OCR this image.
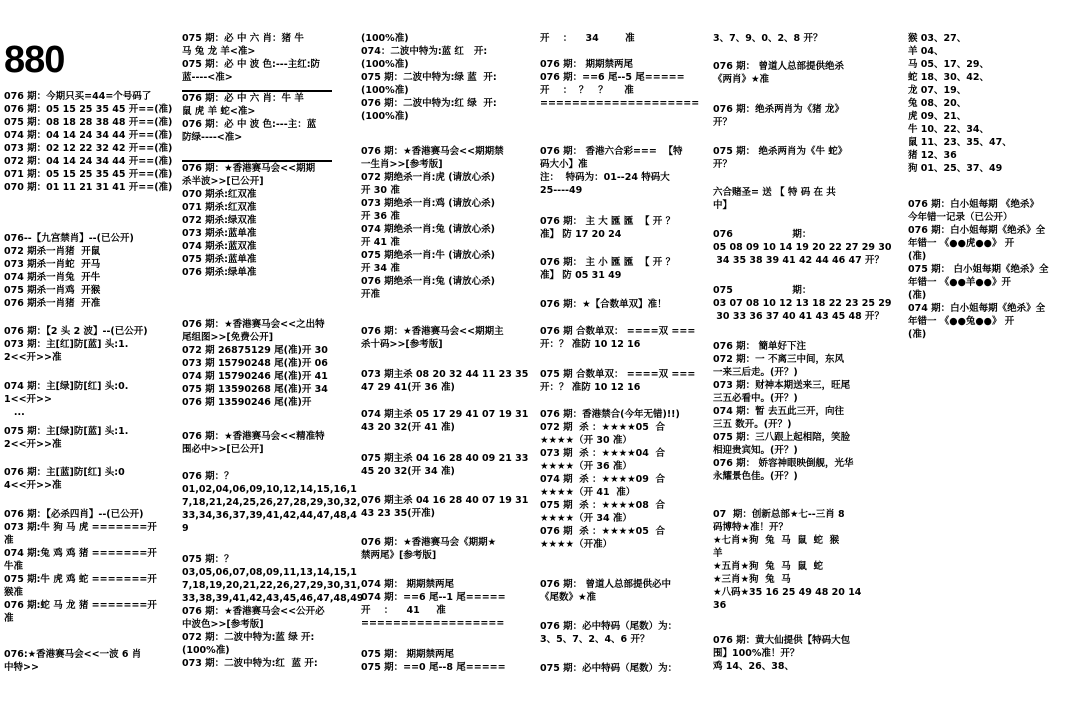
880
076 期：今期只买=44=个号码了
076 期：05 15 25 35 45 开==(准)
075 期：08 18 28 38 48 开==(准)
074 期：04 14 24 34 44 开==(准)
073 期：02 12 22 32 42 开==(准)
072 期：04 14 24 34 44 开==(准)
071 期：05 15 25 35 45 开==(准)
070 期：01 11 21 31 41 开==(准)
076--【九宫禁肖】--(已公开)
072 期杀一肖猪  开鼠
073 期杀一肖蛇  开马
074 期杀一肖兔  开牛
075 期杀一肖鸡  开猴
076 期杀一肖猪  开准
076 期：【2 头 2 波】--(已公开)
073 期：主[红]防[蓝] 头:1.
2<<开>>准
074 期：主[绿]防[红] 头:0.
1<<开>>
...
075 期：主[绿]防[蓝] 头:1.
2<<开>>准
076 期：主[蓝]防[红] 头:0
4<<开>>准
076 期：【必杀四肖】--(已公开)
073 期:牛 狗 马 虎 =======开
准
074 期:兔 鸡 鸡 猪 =======开
牛准
075 期:牛 虎 鸡 蛇 =======开
猴准
076 期:蛇 马 龙 猪 =======开
准
076:★香港赛马会<<一波 6 肖
中特>>
075 期：必 中 六 肖：猪 牛
马 兔 龙 羊<准>
075 期：必 中 波 色:---主红:防
蓝----<准>
076 期：必 中 六 肖：牛 羊
鼠 虎 羊 蛇<准>
076 期：必 中 波 色:---主：蓝
防绿----<准>
076 期：★香港赛马会<<期期
杀半波>>[已公开]
070 期杀:红双准
071 期杀:红双准
072 期杀:绿双准
073 期杀:蓝单准
074 期杀:蓝双准
075 期杀:蓝单准
076 期杀:绿单准
076 期：★香港赛马会<<之出特
尾组图>>[免费公开]
072 期 26875129 尾(准)开 30
073 期 15790248 尾(准)开 06
074 期 15790246 尾(准)开 41
075 期 13590268 尾(准)开 34
076 期 13590246 尾(准)开
076 期：★香港赛马会<<精准特
围必中>>[已公开]
076 期：？
01,02,04,06,09,10,12,14,15,16,1
7,18,21,24,25,26,27,28,29,30,32,
33,34,36,37,39,41,42,44,47,48,4
9
075 期：？
03,05,06,07,08,09,11,13,14,15,1
7,18,19,20,21,22,26,27,29,30,31,
33,38,39,41,42,43,45,46,47,48,49
076 期：★香港赛马会<<公开必
中波色>>[参考版]
072 期：二波中特为:蓝 绿 开:
(100%准)
073 期：二波中特为:红  蓝 开:
(100%准)
074：二波中特为:蓝 红   开:
(100%准)
075 期：二波中特为:绿 蓝  开:
(100%准)
076 期：二波中特为:红 绿  开:
(100%准)
076 期：★香港赛马会<<期期禁
一生肖>>[参考版]
072 期绝杀一肖:虎 (请放心杀)
开 30 准
073 期绝杀一肖:鸡 (请放心杀)
开 36 准
074 期绝杀一肖:兔 (请放心杀)
开 41 准
075 期绝杀一肖:牛 (请放心杀)
开 34 准
076 期绝杀一肖:兔 (请放心杀)
开准
076 期：★香港赛马会<<期期主
杀十码>>[参考版]
073 期主杀 08 20 32 44 11 23 35
47 29 41(开 36 准)
074 期主杀 05 17 29 41 07 19 31
43 20 32(开 41 准)
075 期主杀 04 16 28 40 09 21 33
45 20 32(开 34 准)
076 期主杀 04 16 28 40 07 19 31
43 23 35(开准)
076 期：★香港赛马会《期期★
禁两尾》[参考版]
074 期： 期期禁两尾
074 期：==6 尾--1 尾=====
开    ：    41     准
==================
075 期： 期期禁两尾
075 期：==0 尾--8 尾=====
开    ：    34        准

076 期： 期期禁两尾
076 期：==6 尾--5 尾=====
开    ：  ？   ？     准
====================
076 期： 香港六合彩===  【特
码大小】准
注：  特码为：01--24 特码大
25----49
076 期： 主 大 匯 匯  【 开 ？
准】 防 17 20 24
076 期： 主 小 匯 匯  【 开 ？
准】 防 05 31 49
076 期：★【合数单双】准！
076 期 合数单双： ====双 ===
开：？ 准防 10 12 16
075 期 合数单双： ====双 ===
开：？ 准防 10 12 16
076 期：香港禁合(今年无错)!!)
072 期  杀 ：★★★★05  合
★★★★（开 30 准）
073 期  杀 ：★★★★04  合
★★★★（开 36 准）
074 期  杀 ：★★★★09  合
★★★★（开 41  准）
075 期  杀 ：★★★★08  合
★★★★（开 34 准）
076 期  杀 ：★★★★05  合
★★★★（开准）
076 期： 曾道人总部提供必中
《尾数》★准
076 期：必中特码（尾数）为：
3、5、7、2、4、6 开？
075 期：必中特码（尾数）为：
3、7、9、0、2、8 开？
076 期： 曾道人总部提供绝杀
《两肖》★准
076 期：绝杀两肖为《猪 龙》
开？
075 期： 绝杀两肖为《牛 蛇》
开？
六合赌圣= 送 【 特 码 在 共
中】
076                  期：
05 08 09 10 14 19 20 22 27 29 30
34 35 38 39 41 42 44 46 47 开？
075                  期：
03 07 08 10 12 13 18 22 23 25 29
30 33 36 37 40 41 43 45 48 开？
076 期： 簡单好下注
072 期：一 不离三中间，东风
一来三后走。(开？)
073 期：财神本期送来三，旺尾
三五必看中。(开？)
074 期：暂 去五此三开，向往
三五 数开。(开？)
075 期：三八跟上起相陪，笑脸
相迎贵宾知。(开？)
076 期： 娇容神眼映倒舰，光华
永耀景色佳。(开？)
07  期：创新总部★七--三肖 8
码博特★准！开？
★七肖★狗  兔  马  鼠  蛇  猴
羊
★五肖★狗  兔  马  鼠  蛇
★三肖★狗  兔  马
★八码★35 16 25 49 48 20 14
36
076 期：黄大仙提供【特码大包
围】100%准！开？
鸡 14、26、38、
猴 03、27、
羊 04、
马 05、17、29、
蛇 18、30、42、
龙 07、19、
兔 08、20、
虎 09、21、
牛 10、22、34、
鼠 11、23、35、47、
猪 12、36
狗 01、25、37、49
076 期：白小姐每期 《绝杀》
今年错一记录（已公开）
076 期：白小姐每期《绝杀》全
年错一 《●●虎●●》 开
(准)
075 期： 白小姐每期《绝杀》全
年错一 《●●羊●●》开
(准)
074 期：白小姐每期《绝杀》全
年错一 《●●兔●●》 开
(准)
